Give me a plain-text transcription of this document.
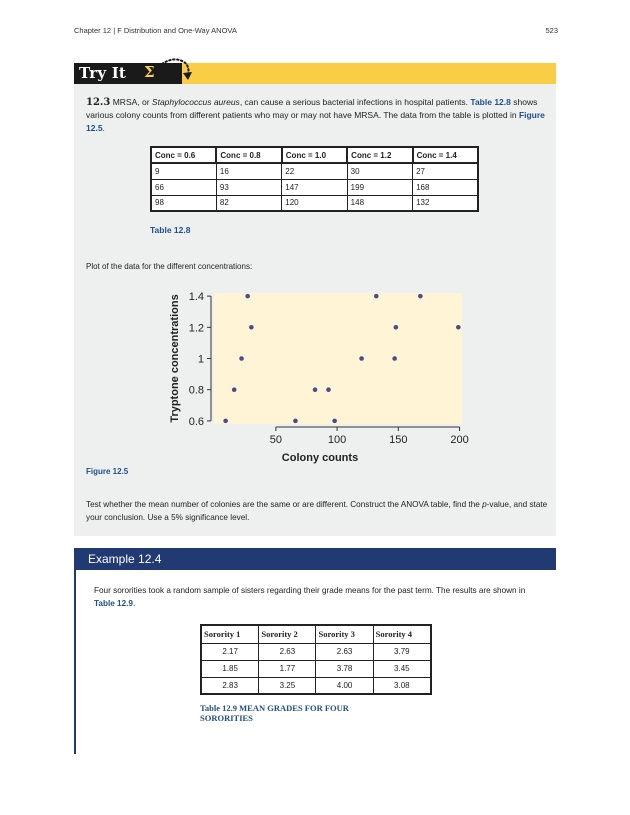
Chapter 12 | F Distribution and One-Way ANOVA	523
Try It Σ

12.3 MRSA, or Staphylococcus aureus, can cause a serious bacterial infections in hospital patients. Table 12.8 shows various colony counts from different patients who may or may not have MRSA. The data from the table is plotted in Figure 12.5.

Conc = 0.6	Conc = 0.8	Conc = 1.0	Conc = 1.2	Conc = 1.4
9	16	22	30	27
66	93	147	199	168
98	82	120	148	132
Table 12.8

Plot of the data for the different concentrations:

0.6
0.8
1
1.2
1.4
50	100	150	200
Colony counts
Tryptone concentrations
Figure 12.5

Test whether the mean number of colonies are the same or are different. Construct the ANOVA table, find the p-value, and state your conclusion. Use a 5% significance level.

Example 12.4

Four sororities took a random sample of sisters regarding their grade means for the past term. The results are shown in Table 12.9.

Sorority 1	Sorority 2	Sorority 3	Sorority 4
2.17	2.63	2.63	3.79
1.85	1.77	3.78	3.45
2.83	3.25	4.00	3.08
Table 12.9 MEAN GRADES FOR FOUR SORORITIES
